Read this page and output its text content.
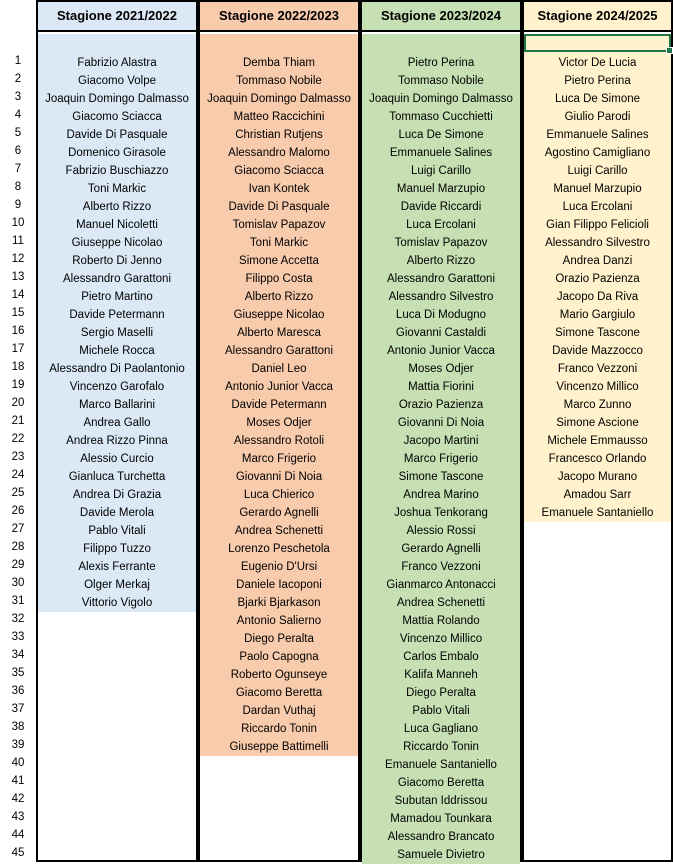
1
2
3
4
5
6
7
8
9
10
11
12
13
14
15
16
17
18
19
20
21
22
23
24
25
26
27
28
29
30
31
32
33
34
35
36
37
38
39
40
41
42
43
44
45
Stagione 2021/2022
Fabrizio Alastra
Giacomo Volpe
Joaquin Domingo Dalmasso
Giacomo Sciacca
Davide Di Pasquale
Domenico Girasole
Fabrizio Buschiazzo
Toni Markic
Alberto Rizzo
Manuel Nicoletti
Giuseppe Nicolao
Roberto Di Jenno
Alessandro Garattoni
Pietro Martino
Davide Petermann
Sergio Maselli
Michele Rocca
Alessandro Di Paolantonio
Vincenzo Garofalo
Marco Ballarini
Andrea Gallo
Andrea Rizzo Pinna
Alessio Curcio
Gianluca Turchetta
Andrea Di Grazia
Davide Merola
Pablo Vitali
Filippo Tuzzo
Alexis Ferrante
Olger Merkaj
Vittorio Vigolo
Stagione 2022/2023
Demba Thiam
Tommaso Nobile
Joaquin Domingo Dalmasso
Matteo Raccichini
Christian Rutjens
Alessandro Malomo
Giacomo Sciacca
Ivan Kontek
Davide Di Pasquale
Tomislav Papazov
Toni Markic
Simone Accetta
Filippo Costa
Alberto Rizzo
Giuseppe Nicolao
Alberto Maresca
Alessandro Garattoni
Daniel Leo
Antonio Junior Vacca
Davide Petermann
Moses Odjer
Alessandro Rotoli
Marco Frigerio
Giovanni Di Noia
Luca Chierico
Gerardo Agnelli
Andrea Schenetti
Lorenzo Peschetola
Eugenio D'Ursi
Daniele Iacoponi
Bjarki Bjarkason
Antonio Salierno
Diego Peralta
Paolo Capogna
Roberto Ogunseye
Giacomo Beretta
Dardan Vuthaj
Riccardo Tonin
Giuseppe Battimelli
Stagione 2023/2024
Pietro Perina
Tommaso Nobile
Joaquin Domingo Dalmasso
Tommaso Cucchietti
Luca De Simone
Emmanuele Salines
Luigi Carillo
Manuel Marzupio
Davide Riccardi
Luca Ercolani
Tomislav Papazov
Alberto Rizzo
Alessandro Garattoni
Alessandro Silvestro
Luca Di Modugno
Giovanni Castaldi
Antonio Junior Vacca
Moses Odjer
Mattia Fiorini
Orazio Pazienza
Giovanni Di Noia
Jacopo Martini
Marco Frigerio
Simone Tascone
Andrea Marino
Joshua Tenkorang
Alessio Rossi
Gerardo Agnelli
Franco Vezzoni
Gianmarco Antonacci
Andrea Schenetti
Mattia Rolando
Vincenzo Millico
Carlos Embalo
Kalifa Manneh
Diego Peralta
Pablo Vitali
Luca Gagliano
Riccardo Tonin
Emanuele Santaniello
Giacomo Beretta
Subutan Iddrissou
Mamadou Tounkara
Alessandro Brancato
Samuele Divietro
Stagione 2024/2025
Victor De Lucia
Pietro Perina
Luca De Simone
Giulio Parodi
Emmanuele Salines
Agostino Camigliano
Luigi Carillo
Manuel Marzupio
Luca Ercolani
Gian Filippo Felicioli
Alessandro Silvestro
Andrea Danzi
Orazio Pazienza
Jacopo Da Riva
Mario Gargiulo
Simone Tascone
Davide Mazzocco
Franco Vezzoni
Vincenzo Millico
Marco Zunno
Simone Ascione
Michele Emmausso
Francesco Orlando
Jacopo Murano
Amadou Sarr
Emanuele Santaniello
